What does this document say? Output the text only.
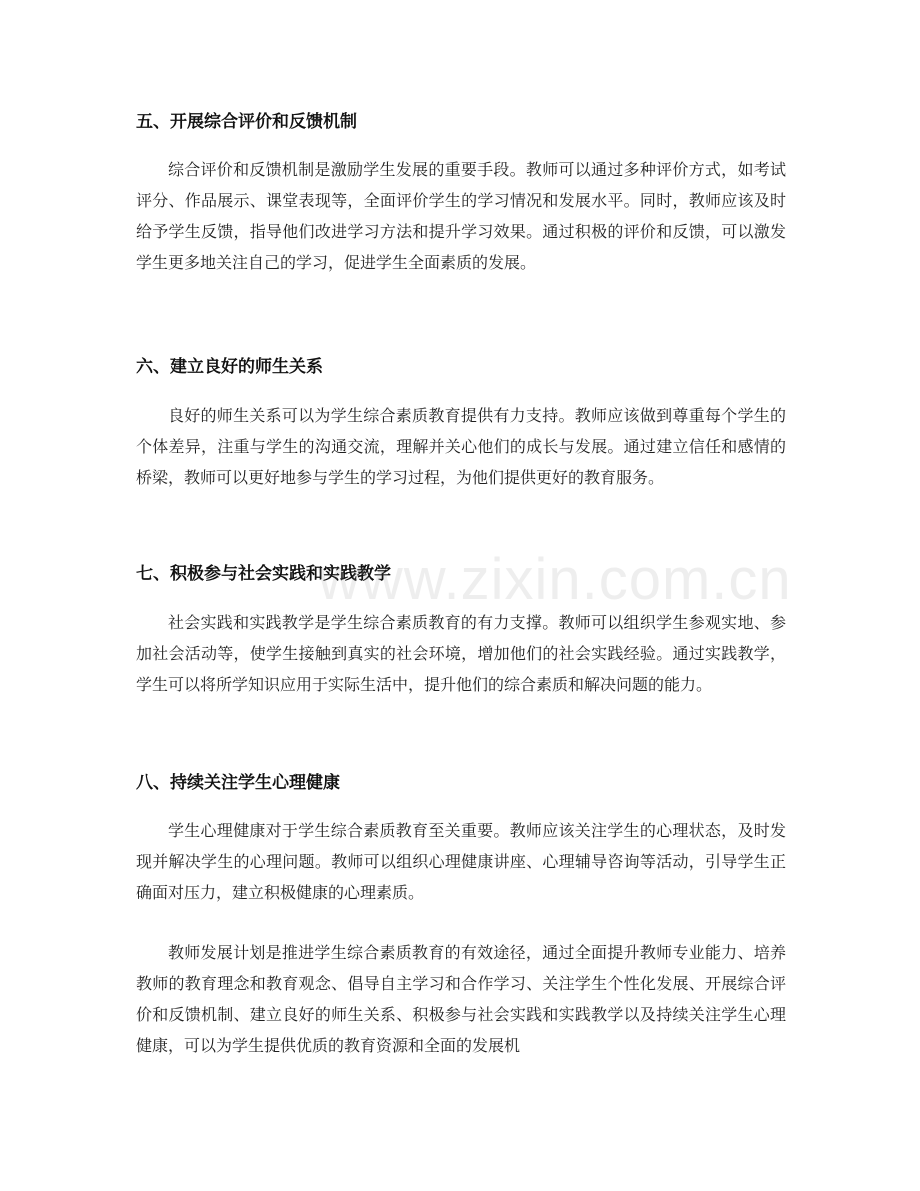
五、开展综合评价和反馈机制

综合评价和反馈机制是激励学生发展的重要手段。教师可以通过多种评价方式，如考试评分、作品展示、课堂表现等，全面评价学生的学习情况和发展水平。同时，教师应该及时给予学生反馈，指导他们改进学习方法和提升学习效果。通过积极的评价和反馈，可以激发学生更多地关注自己的学习，促进学生全面素质的发展。

六、建立良好的师生关系

良好的师生关系可以为学生综合素质教育提供有力支持。教师应该做到尊重每个学生的个体差异，注重与学生的沟通交流，理解并关心他们的成长与发展。通过建立信任和感情的桥梁，教师可以更好地参与学生的学习过程，为他们提供更好的教育服务。

七、积极参与社会实践和实践教学

社会实践和实践教学是学生综合素质教育的有力支撑。教师可以组织学生参观实地、参加社会活动等，使学生接触到真实的社会环境，增加他们的社会实践经验。通过实践教学，学生可以将所学知识应用于实际生活中，提升他们的综合素质和解决问题的能力。

八、持续关注学生心理健康

学生心理健康对于学生综合素质教育至关重要。教师应该关注学生的心理状态，及时发现并解决学生的心理问题。教师可以组织心理健康讲座、心理辅导咨询等活动，引导学生正确面对压力，建立积极健康的心理素质。

教师发展计划是推进学生综合素质教育的有效途径，通过全面提升教师专业能力、培养教师的教育理念和教育观念、倡导自主学习和合作学习、关注学生个性化发展、开展综合评价和反馈机制、建立良好的师生关系、积极参与社会实践和实践教学以及持续关注学生心理健康，可以为学生提供优质的教育资源和全面的发展机

www.zixin.com.cn
